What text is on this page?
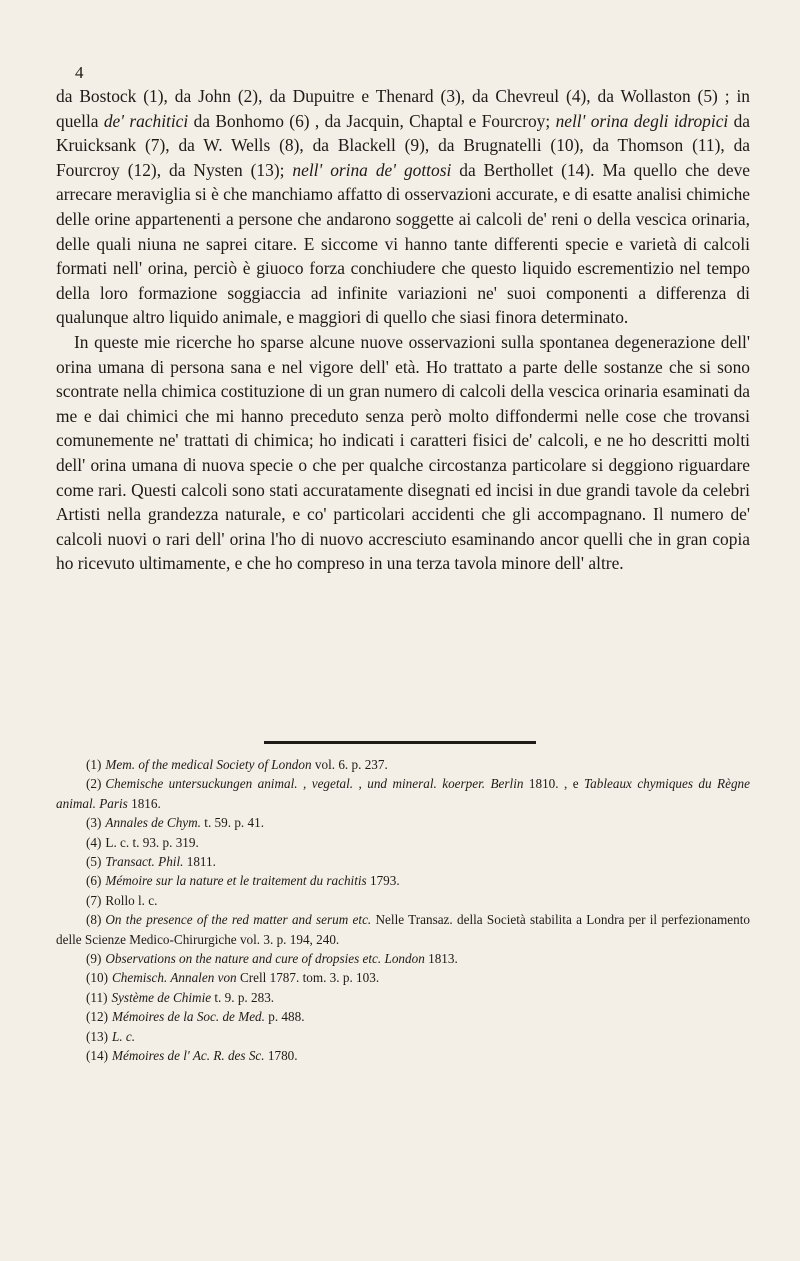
4

da Bostock (1), da John (2), da Dupuitre e Thenard (3), da Chevreul (4), da Wollaston (5) ; in quella de' rachitici da Bonhomo (6) , da Jacquin, Chaptal e Fourcroy; nell' orina degli idropici da Kruicksank (7), da W. Wells (8), da Blackell (9), da Brugnatelli (10), da Thomson (11), da Fourcroy (12), da Nysten (13); nell' orina de' gottosi da Berthollet (14). Ma quello che deve arrecare meraviglia si è che manchiamo affatto di osservazioni accurate, e di esatte analisi chimiche delle orine appartenenti a persone che andarono soggette ai calcoli de' reni o della vescica orinaria, delle quali niuna ne saprei citare. E siccome vi hanno tante differenti specie e varietà di calcoli formati nell' orina, perciò è giuoco forza conchiudere che questo liquido escrementizio nel tempo della loro formazione soggiaccia ad infinite variazioni ne' suoi componenti a differenza di qualunque altro liquido animale, e maggiori di quello che siasi finora determinato.

In queste mie ricerche ho sparse alcune nuove osservazioni sulla spontanea degenerazione dell' orina umana di persona sana e nel vigore dell' età. Ho trattato a parte delle sostanze che si sono scontrate nella chimica costituzione di un gran numero di calcoli della vescica orinaria esaminati da me e dai chimici che mi hanno preceduto senza però molto diffondermi nelle cose che trovansi comunemente ne' trattati di chimica; ho indicati i caratteri fisici de' calcoli, e ne ho descritti molti dell' orina umana di nuova specie o che per qualche circostanza particolare si deggiono riguardare come rari. Questi calcoli sono stati accuratamente disegnati ed incisi in due grandi tavole da celebri Artisti nella grandezza naturale, e co' particolari accidenti che gli accompagnano. Il numero de' calcoli nuovi o rari dell' orina l'ho di nuovo accresciuto esaminando ancor quelli che in gran copia ho ricevuto ultimamente, e che ho compreso in una terza tavola minore dell' altre.

(1) Mem. of the medical Society of London vol. 6. p. 237.
(2) Chemische untersuckungen animal. , vegetal. , und mineral. koerper. Berlin 1810. , e Tableaux chymiques du Règne animal. Paris 1816.
(3) Annales de Chym. t. 59. p. 41.
(4) L. c. t. 93. p. 319.
(5) Transact. Phil. 1811.
(6) Mémoire sur la nature et le traitement du rachitis 1793.
(7) Rollo l. c.
(8) On the presence of the red matter and serum etc. Nelle Transaz. della Società stabilita a Londra per il perfezionamento delle Scienze Medico-Chirurgiche vol. 3. p. 194, 240.
(9) Observations on the nature and cure of dropsies etc. London 1813.
(10) Chemisch. Annalen von Crell 1787. tom. 3. p. 103.
(11) Système de Chimie t. 9. p. 283.
(12) Mémoires de la Soc. de Med. p. 488.
(13) L. c.
(14) Mémoires de l' Ac. R. des Sc. 1780.
